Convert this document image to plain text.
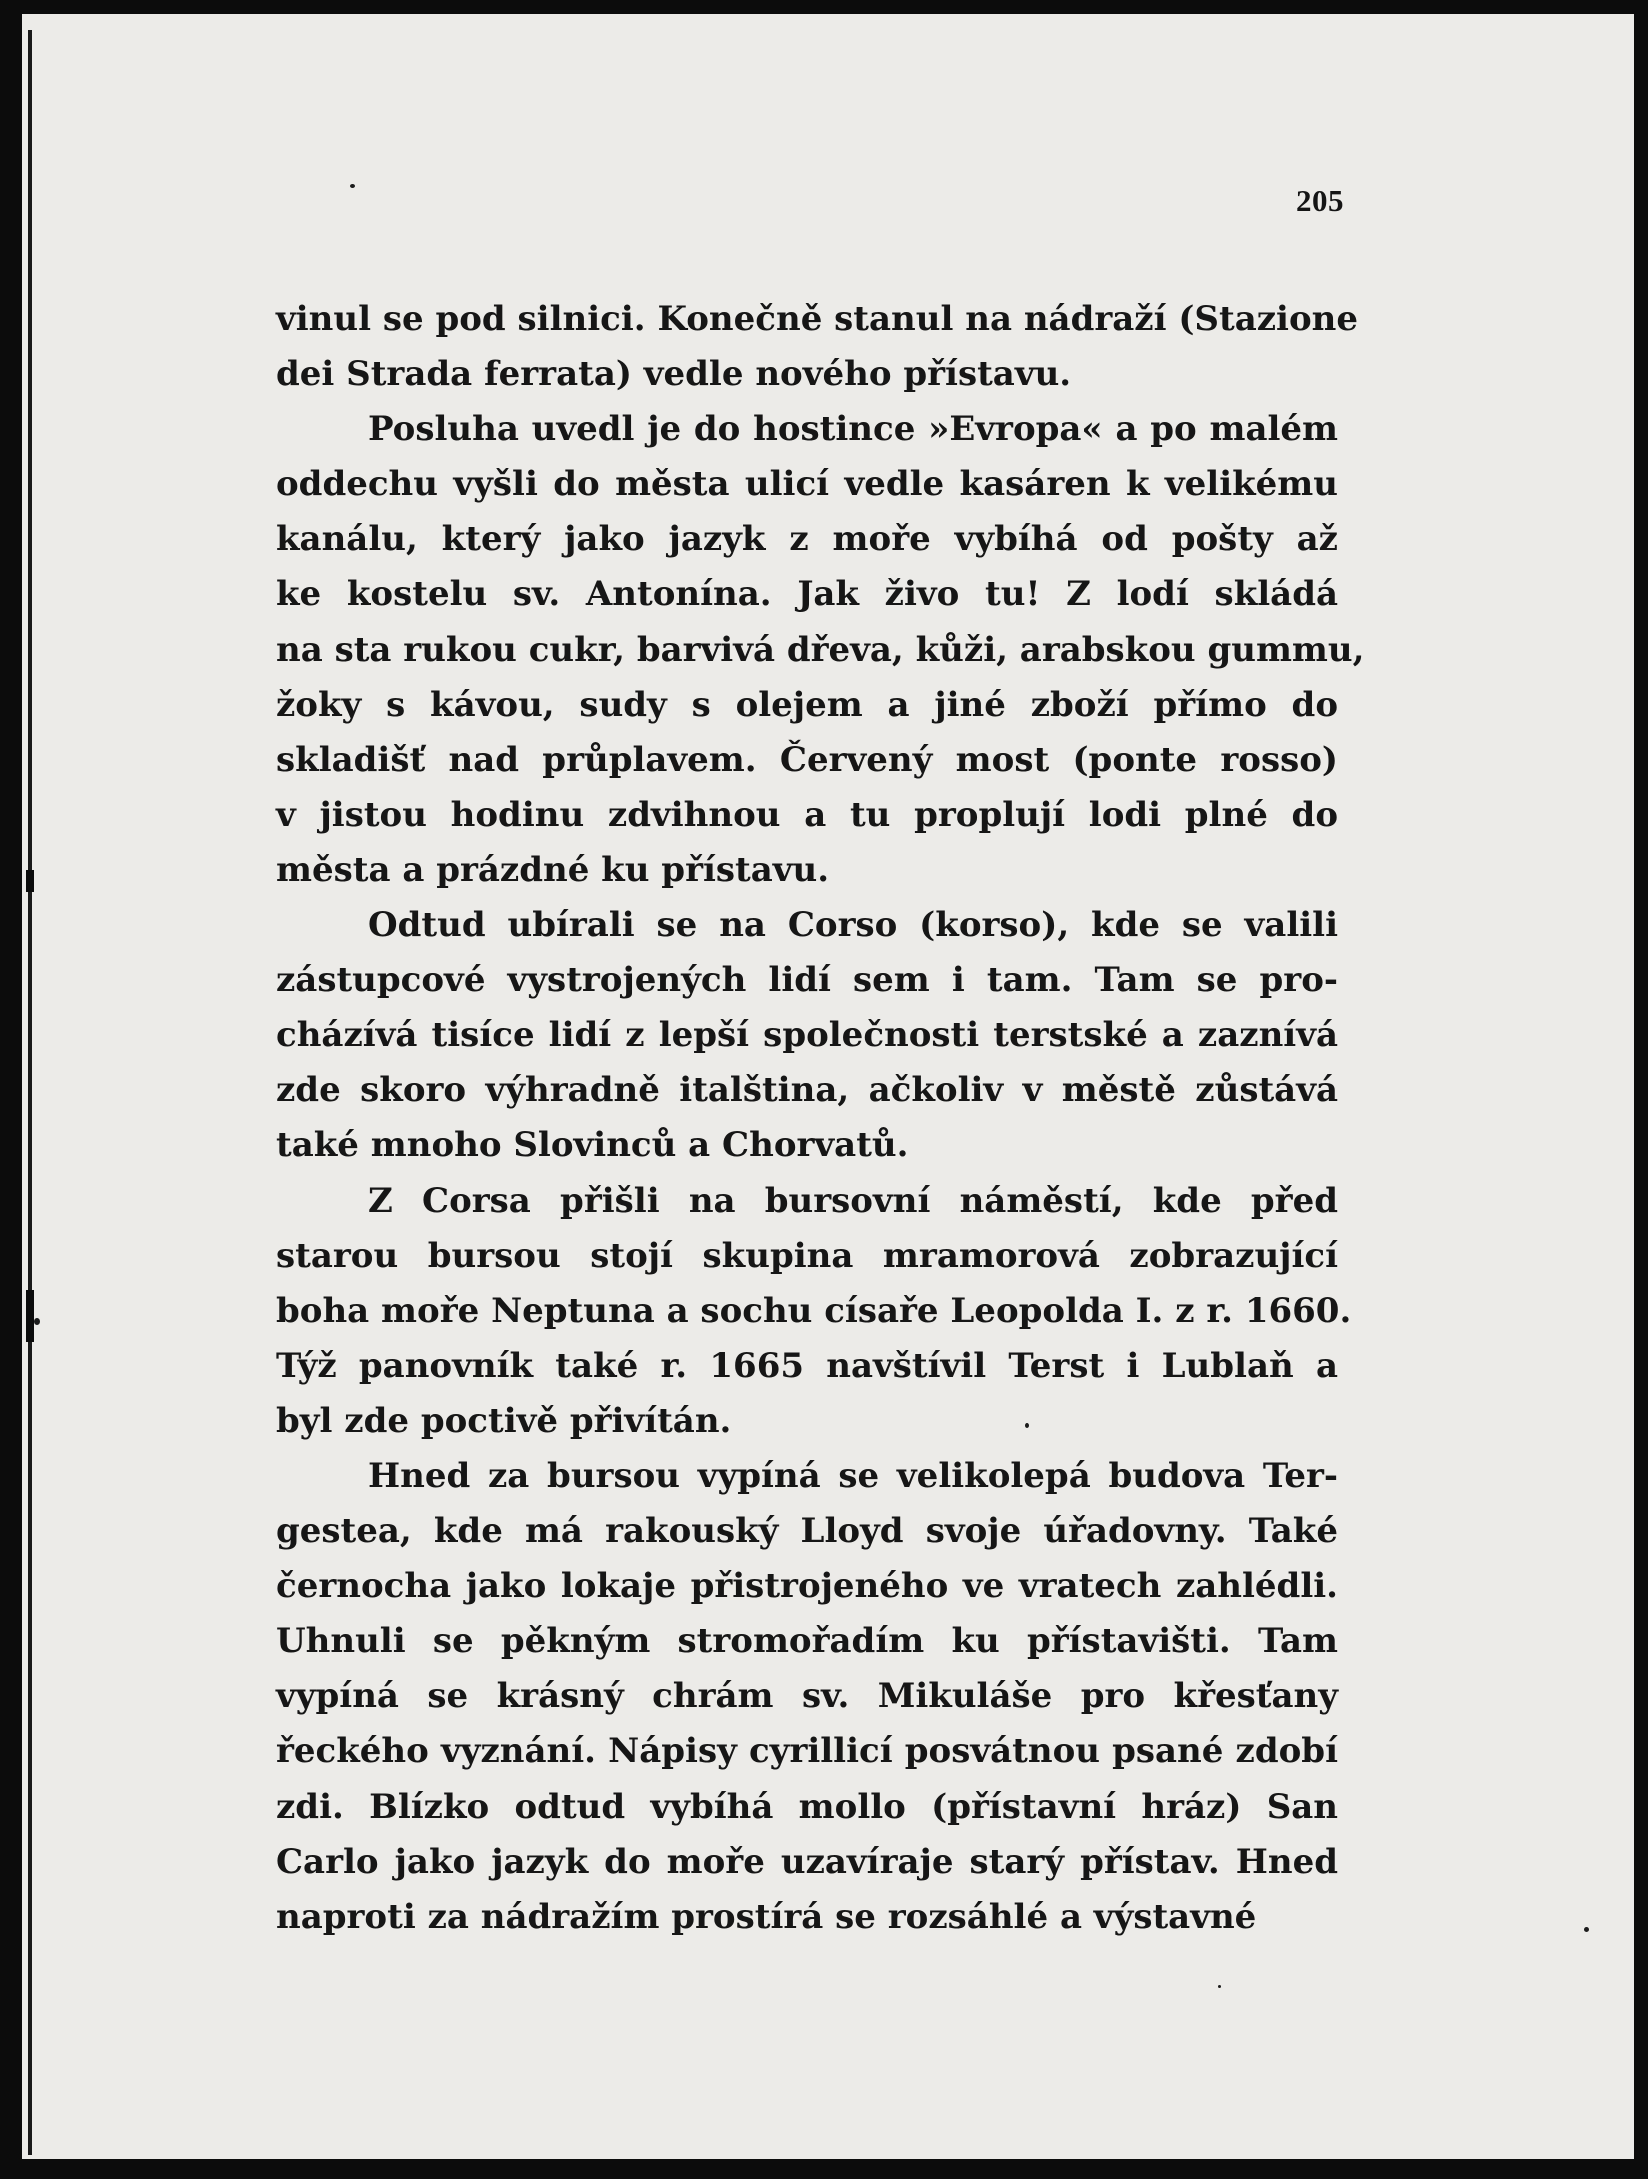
205
vinul se pod silnici. Konečně stanul na nádraží (Stazione
dei Strada ferrata) vedle nového přístavu.
Posluha uvedl je do hostince »Evropa« a po malém
oddechu vyšli do města ulicí vedle kasáren k velikému
kanálu, který jako jazyk z moře vybíhá od pošty až
ke kostelu sv. Antonína. Jak živo tu! Z lodí skládá
na sta rukou cukr, barvivá dřeva, kůži, arabskou gummu,
žoky s kávou, sudy s olejem a jiné zboží přímo do
skladišť nad průplavem. Červený most (ponte rosso)
v jistou hodinu zdvihnou a tu proplují lodi plné do
města a prázdné ku přístavu.
Odtud ubírali se na Corso (korso), kde se valili
zástupcové vystrojených lidí sem i tam. Tam se pro-
cházívá tisíce lidí z lepší společnosti terstské a zaznívá
zde skoro výhradně italština, ačkoliv v městě zůstává
také mnoho Slovinců a Chorvatů.
Z Corsa přišli na bursovní náměstí, kde před
starou bursou stojí skupina mramorová zobrazující
boha moře Neptuna a sochu císaře Leopolda I. z r. 1660.
Týž panovník také r. 1665 navštívil Terst i Lublaň a
byl zde poctivě přivítán.
Hned za bursou vypíná se velikolepá budova Ter-
gestea, kde má rakouský Lloyd svoje úřadovny. Také
černocha jako lokaje přistrojeného ve vratech zahlédli.
Uhnuli se pěkným stromořadím ku přístavišti. Tam
vypíná se krásný chrám sv. Mikuláše pro křesťany
řeckého vyznání. Nápisy cyrillicí posvátnou psané zdobí
zdi. Blízko odtud vybíhá mollo (přístavní hráz) San
Carlo jako jazyk do moře uzavíraje starý přístav. Hned
naproti za nádražím prostírá se rozsáhlé a výstavné
